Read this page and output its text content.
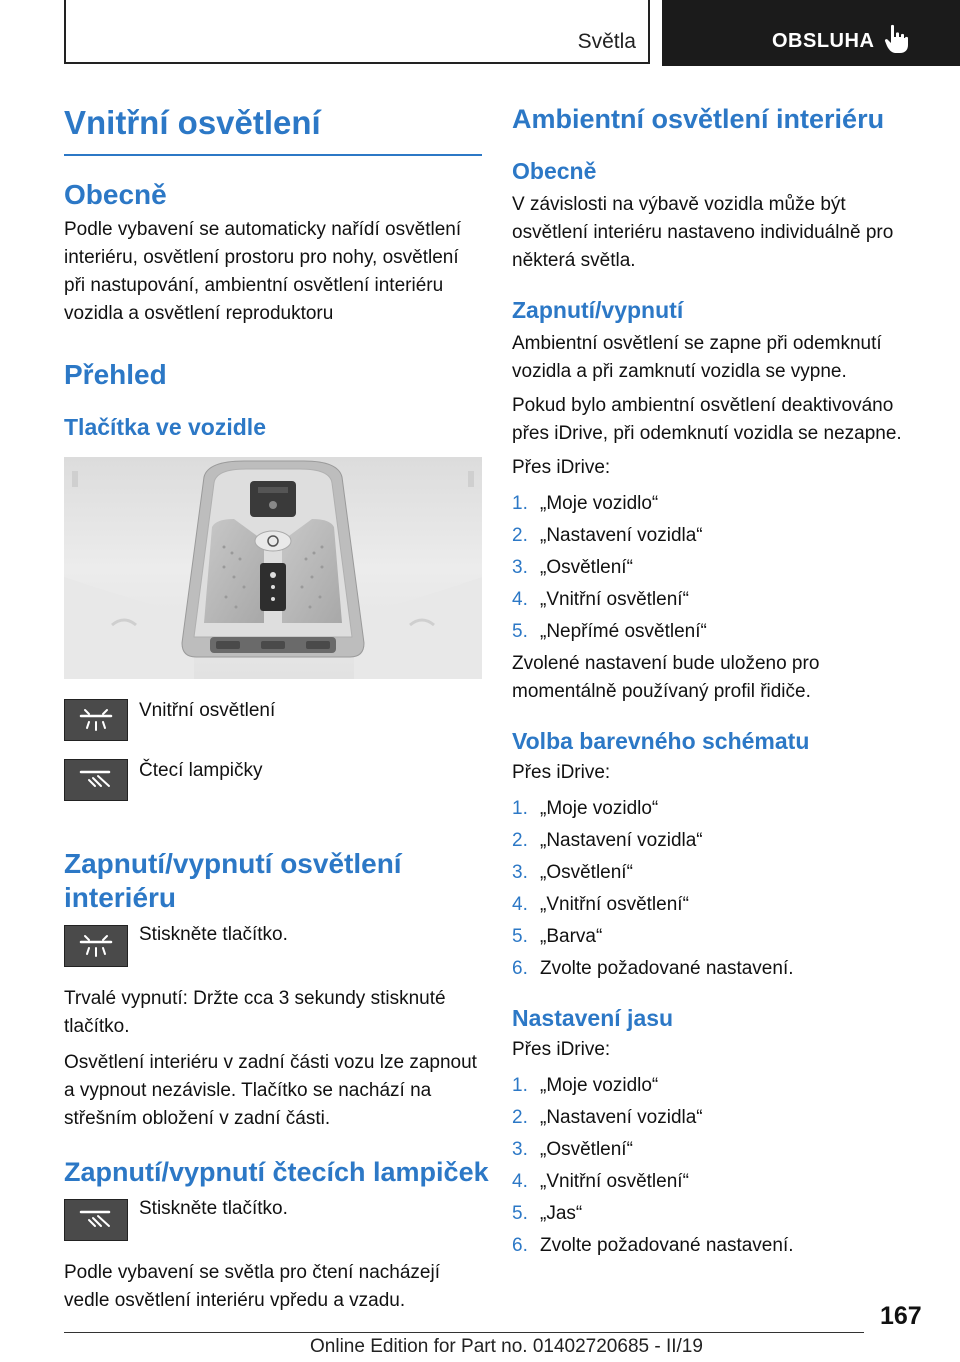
Světla	OBSLUHA
Vnitřní osvětlení
Obecně

Podle vybavení se automaticky nařídí osvětlení interiéru, osvětlení prostoru pro nohy, osvětlení při nastupování, ambientní osvětlení interiéru vozidla a osvětlení reproduktoru

Přehled
Tlačítka ve vozidle
Vnitřní osvětlení
Čtecí lampičky
Zapnutí/vypnutí osvětlení
interiéru
Stiskněte tlačítko.

Trvalé vypnutí: Držte cca 3 sekundy stisknuté tlačítko.

Osvětlení interiéru v zadní části vozu lze zapnout a vypnout nezávisle. Tlačítko se nachází na střešním obložení v zadní části.

Zapnutí/vypnutí čtecích lampiček
Stiskněte tlačítko.

Podle vybavení se světla pro čtení nacházejí vedle osvětlení interiéru vpředu a vzadu.

Ambientní osvětlení interiéru
Obecně

V závislosti na výbavě vozidla může být osvětlení interiéru nastaveno individuálně pro některá světla.

Zapnutí/vypnutí

Ambientní osvětlení se zapne při odemknutí vozidla a při zamknutí vozidla se vypne.

Pokud bylo ambientní osvětlení deaktivováno přes iDrive, při odemknutí vozidla se nezapne.

Přes iDrive:

1. „Moje vozidlo“
2. „Nastavení vozidla“
3. „Osvětlení“
4. „Vnitřní osvětlení“
5. „Nepřímé osvětlení“

Zvolené nastavení bude uloženo pro momentálně používaný profil řidiče.

Volba barevného schématu

Přes iDrive:

1. „Moje vozidlo“
2. „Nastavení vozidla“
3. „Osvětlení“
4. „Vnitřní osvětlení“
5. „Barva“
6. Zvolte požadované nastavení.
Nastavení jasu

Přes iDrive:

1. „Moje vozidlo“
2. „Nastavení vozidla“
3. „Osvětlení“
4. „Vnitřní osvětlení“
5. „Jas“
6. Zvolte požadované nastavení.
167
Online Edition for Part no. 01402720685 - II/19
